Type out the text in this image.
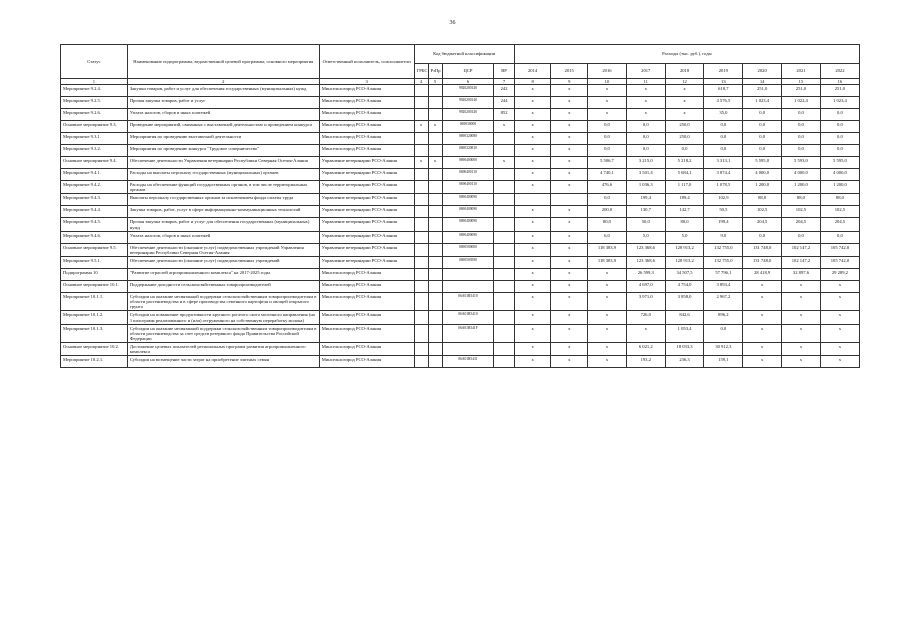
36
Статус	Наименование подпрограммы, ведомственной целевой программы, основного мероприятия	Ответственный исполнитель, соисполнители	Код бюджетной классификации				Расходы (тыс. руб.), годы								
			ГРБС	РзПр	ЦСР	ВР	2014	2015	2016	2017	2018	2019	2020	2021	2022
1	2	3	4	5	6	7	8	9	10	11	12	13	14	15	16
Мероприятие 9.2.4.	Закупки товаров, работ и услуг для обеспечения государственных (муниципальных) нужд	Минсельхозпрод РСО-Алания			9920200140	242	x	x	x	x	x	618,7	251,0	251,0	251,0
Мероприятие 9.2.5.	Прочая закупка товаров, работ и услуг	Минсельхозпрод РСО-Алания			9920200140	244	x	x	x	x	x	4 576,5	1 023,4	1 022,4	1 023,4
Мероприятие 9.2.6.	Уплата налогов, сборов и иных платежей	Минсельхозпрод РСО-Алания			9920200140	852	x	x	x	x	x	35,0	0,0	0,0	0,0
Основное мероприятие 9.3.	Проведение мероприятий, связанных с выставочной деятельностью и проведением конкурса	Минсельхозпрод РСО-Алания	x	x	069030000	x	x	x	0,0	0,0	250,0	0,0	0,0	0,0	0,0
Мероприятие 9.3.1.	Мероприятия по проведению выставочной деятельности	Минсельхозпрод РСО-Алания			0690320080		x	x	0,0	0,0	250,0	0,0	0,0	0,0	0,0
Мероприятие 9.3.2.	Мероприятия по проведению конкурса "Трудовое соперничество"	Минсельхозпрод РСО-Алания			0690320810		x	x	0,0	0,0	0,0	0,0	0,0	0,0	0,0
Основное мероприятие 9.4.	Обеспечение деятельности Управления ветеринарии Республики Северная Осетия-Алания	Управление ветеринарии РСО-Алания	x	x	0690400000	x	x	x	5 506,7	3 215,0	5 218,2	3 313,1	5 595,0	5 593,0	5 595,0
Мероприятие 9.4.1.	Расходы на выплаты персоналу государственных (муниципальных) органов	Управление ветеринарии РСО-Алания			0690400110		x	x	4 740,1	3 501,4	5 684,1	3 874,4	4 000,0	4 000,0	4 000,0
Мероприятие 9.4.2.	Расходы на обеспечение функций государственных органов, в том числе территориальных органов	Управление ветеринарии РСО-Алания			0690400110		x	x	476,6	1 036,3	1 117,0	1 078,5	1 200,0	1 200,0	1 200,0
Мероприятие 9.4.3.	Выплаты персоналу государственных органов за исключением фонда оплаты труда	Управление ветеринарии РСО-Алания			0690400090				0,0	199,4	189,4	102,9	88,0	88,0	88,0
Мероприятие 9.4.4.	Закупка товаров, работ, услуг в сфере информационно-коммуникационных технологий	Управление ветеринарии РСО-Алания			0690400090		x	x	200,0	130,7	142,7	50,5	102,5	102,5	102,5
Мероприятие 9.4.5.	Прочая закупка товаров, работ и услуг для обеспечения государственных (муниципальных) нужд	Управление ветеринарии РСО-Алания			0690400090		x	x	80,0	50,0	80,0	199,4	204,5	204,5	204,5
Мероприятие 9.4.6.	Уплата налогов, сборов и иных платежей	Управление ветеринарии РСО-Алания			0690400090		x	x	6,0	5,0	5,0	9,0	0,0	0,0	0,0
Основное мероприятие 9.5.	Обеспечение деятельности (оказание услуг) подведомственных учреждений Управления ветеринарии Республики Северная Осетия-Алания	Управление ветеринарии РСО-Алания			0690500000		x	x	118 383,9	123 368,6	128 913,2	132 755,0	131 748,0	102 147,2	105 742,0
Мероприятие 9.5.1.	Обеспечение деятельности (оказание услуг) подведомственных учреждений	Управление ветеринарии РСО-Алания			0690500590		x	x	118 383,9	123 368,6	128 913,2	132 755,0	131 748,0	102 147,2	105 742,0
Подпрограмма 10	"Развитие отраслей агропромышленного комплекса" на 2017-2025 годы	Минсельхозпрод РСО-Алания					x	x	x	26 599,3	34 507,5	57 796,1	28 418,9	32 897,6	29 289,2
Основное мероприятие 10.1.	Поддержание доходности сельскохозяйственных товаропроизводителей	Минсельхозпрод РСО-Алания					x	x	x	4 697,0	4 754,0	3 893,4	x	x	x
Мероприятие 10.1.1.	Субсидии на оказание несвязанной поддержки сельскохозяйственным товаропроизводителям в области растениеводства и в сфере производства семенного картофеля и овощей открытого грунта	Минсельхозпрод РСО-Алания			06А01R5410		x	x	x	3 971,0	3 858,0	2 967,2	x	x	x
Мероприятие 10.1.2.	Субсидии на повышение продуктивности крупного рогатого скота молочного направления (на 1 килограмм реализованного и (или) отгруженного на собственную переработку молока)	Минсельхозпрод РСО-Алания			06А01R5410		x	x	x	726,0	842,6	896,2	x	x	x
Мероприятие 10.1.3.	Субсидии на оказание несвязанной поддержки сельскохозяйственным товаропроизводителям в области растениеводства за счет средств резервного фонда Правительства Российской Федерации	Минсельхозпрод РСО-Алания			06А01R541F		x	x	x	x	1 053,4	0,0	x	x	x
Основное мероприятие 10.2.	Достижение целевых показателей региональных программ развития агропромышленного комплекса	Минсельхозпрод РСО-Алания					x	x	x	6 021,2	18 033,3	30 912,3	x	x	x
Мероприятие 10.2.1.	Субсидии на возмещение части затрат на приобретение элитных семян	Минсельхозпрод РСО-Алания			06А01R5431		x	x	x	193,2	236,3	159,1	x	x	x
